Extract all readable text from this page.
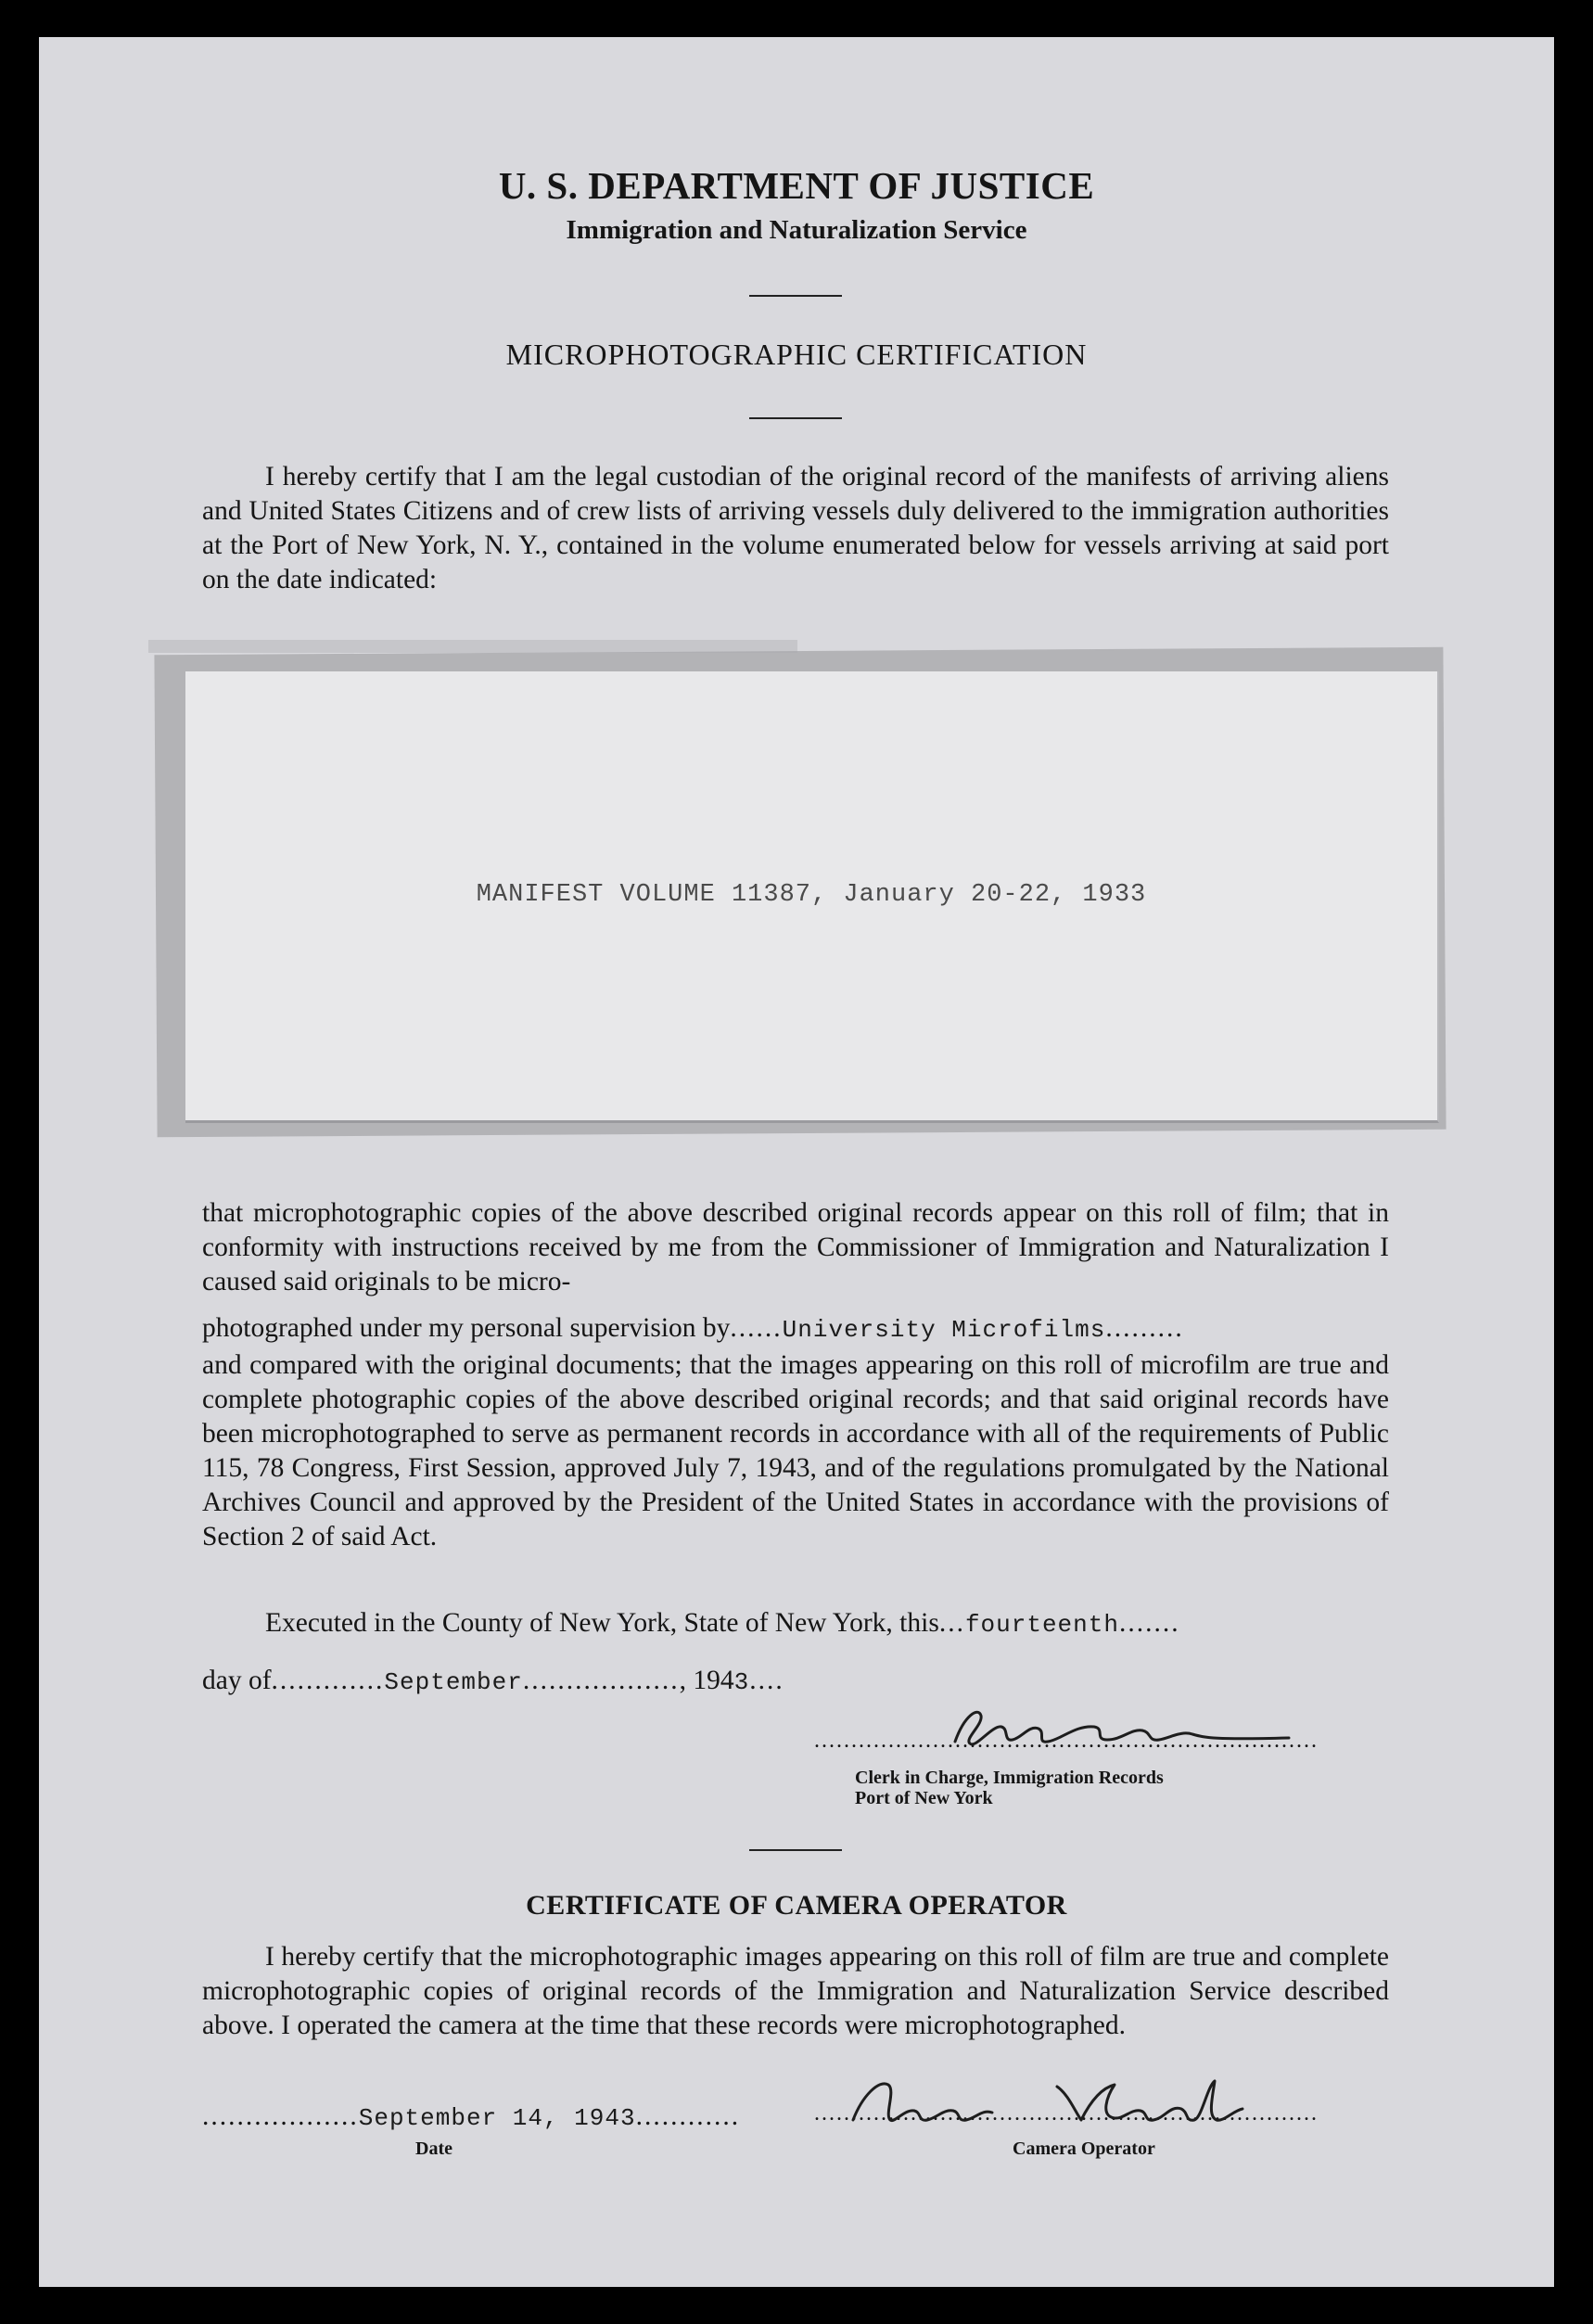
U. S. DEPARTMENT OF JUSTICE
Immigration and Naturalization Service
MICROPHOTOGRAPHIC CERTIFICATION
I hereby certify that I am the legal custodian of the original record of the manifests of arriving aliens and United States Citizens and of crew lists of arriving vessels duly delivered to the immigration authorities at the Port of New York, N. Y., contained in the volume enumerated below for vessels arriving at said port on the date indicated:
MANIFEST VOLUME 11387, January 20-22, 1933
that microphotographic copies of the above described original records appear on this roll of film; that in conformity with instructions received by me from the Commissioner of Immigration and Naturalization I caused said originals to be micro-
photographed under my personal supervision by......University Microfilms.........
and compared with the original documents; that the images appearing on this roll of microfilm are true and complete photographic copies of the above described original records; and that said original records have been microphotographed to serve as permanent records in accordance with all of the requirements of Public 115, 78 Congress, First Session, approved July 7, 1943, and of the regulations promulgated by the National Archives Council and approved by the President of the United States in accordance with the provisions of Section 2 of said Act.
Executed in the County of New York, State of New York, this...fourteenth.......
day of.............September.................., 1943....
....................................................................
Clerk in Charge, Immigration Records
Port of New York
CERTIFICATE OF CAMERA OPERATOR
I hereby certify that the microphotographic images appearing on this roll of film are true and complete microphotographic copies of original records of the Immigration and Naturalization Service described above. I operated the camera at the time that these records were microphotographed.
..................September 14, 1943............
Date
....................................................................
Camera Operator
